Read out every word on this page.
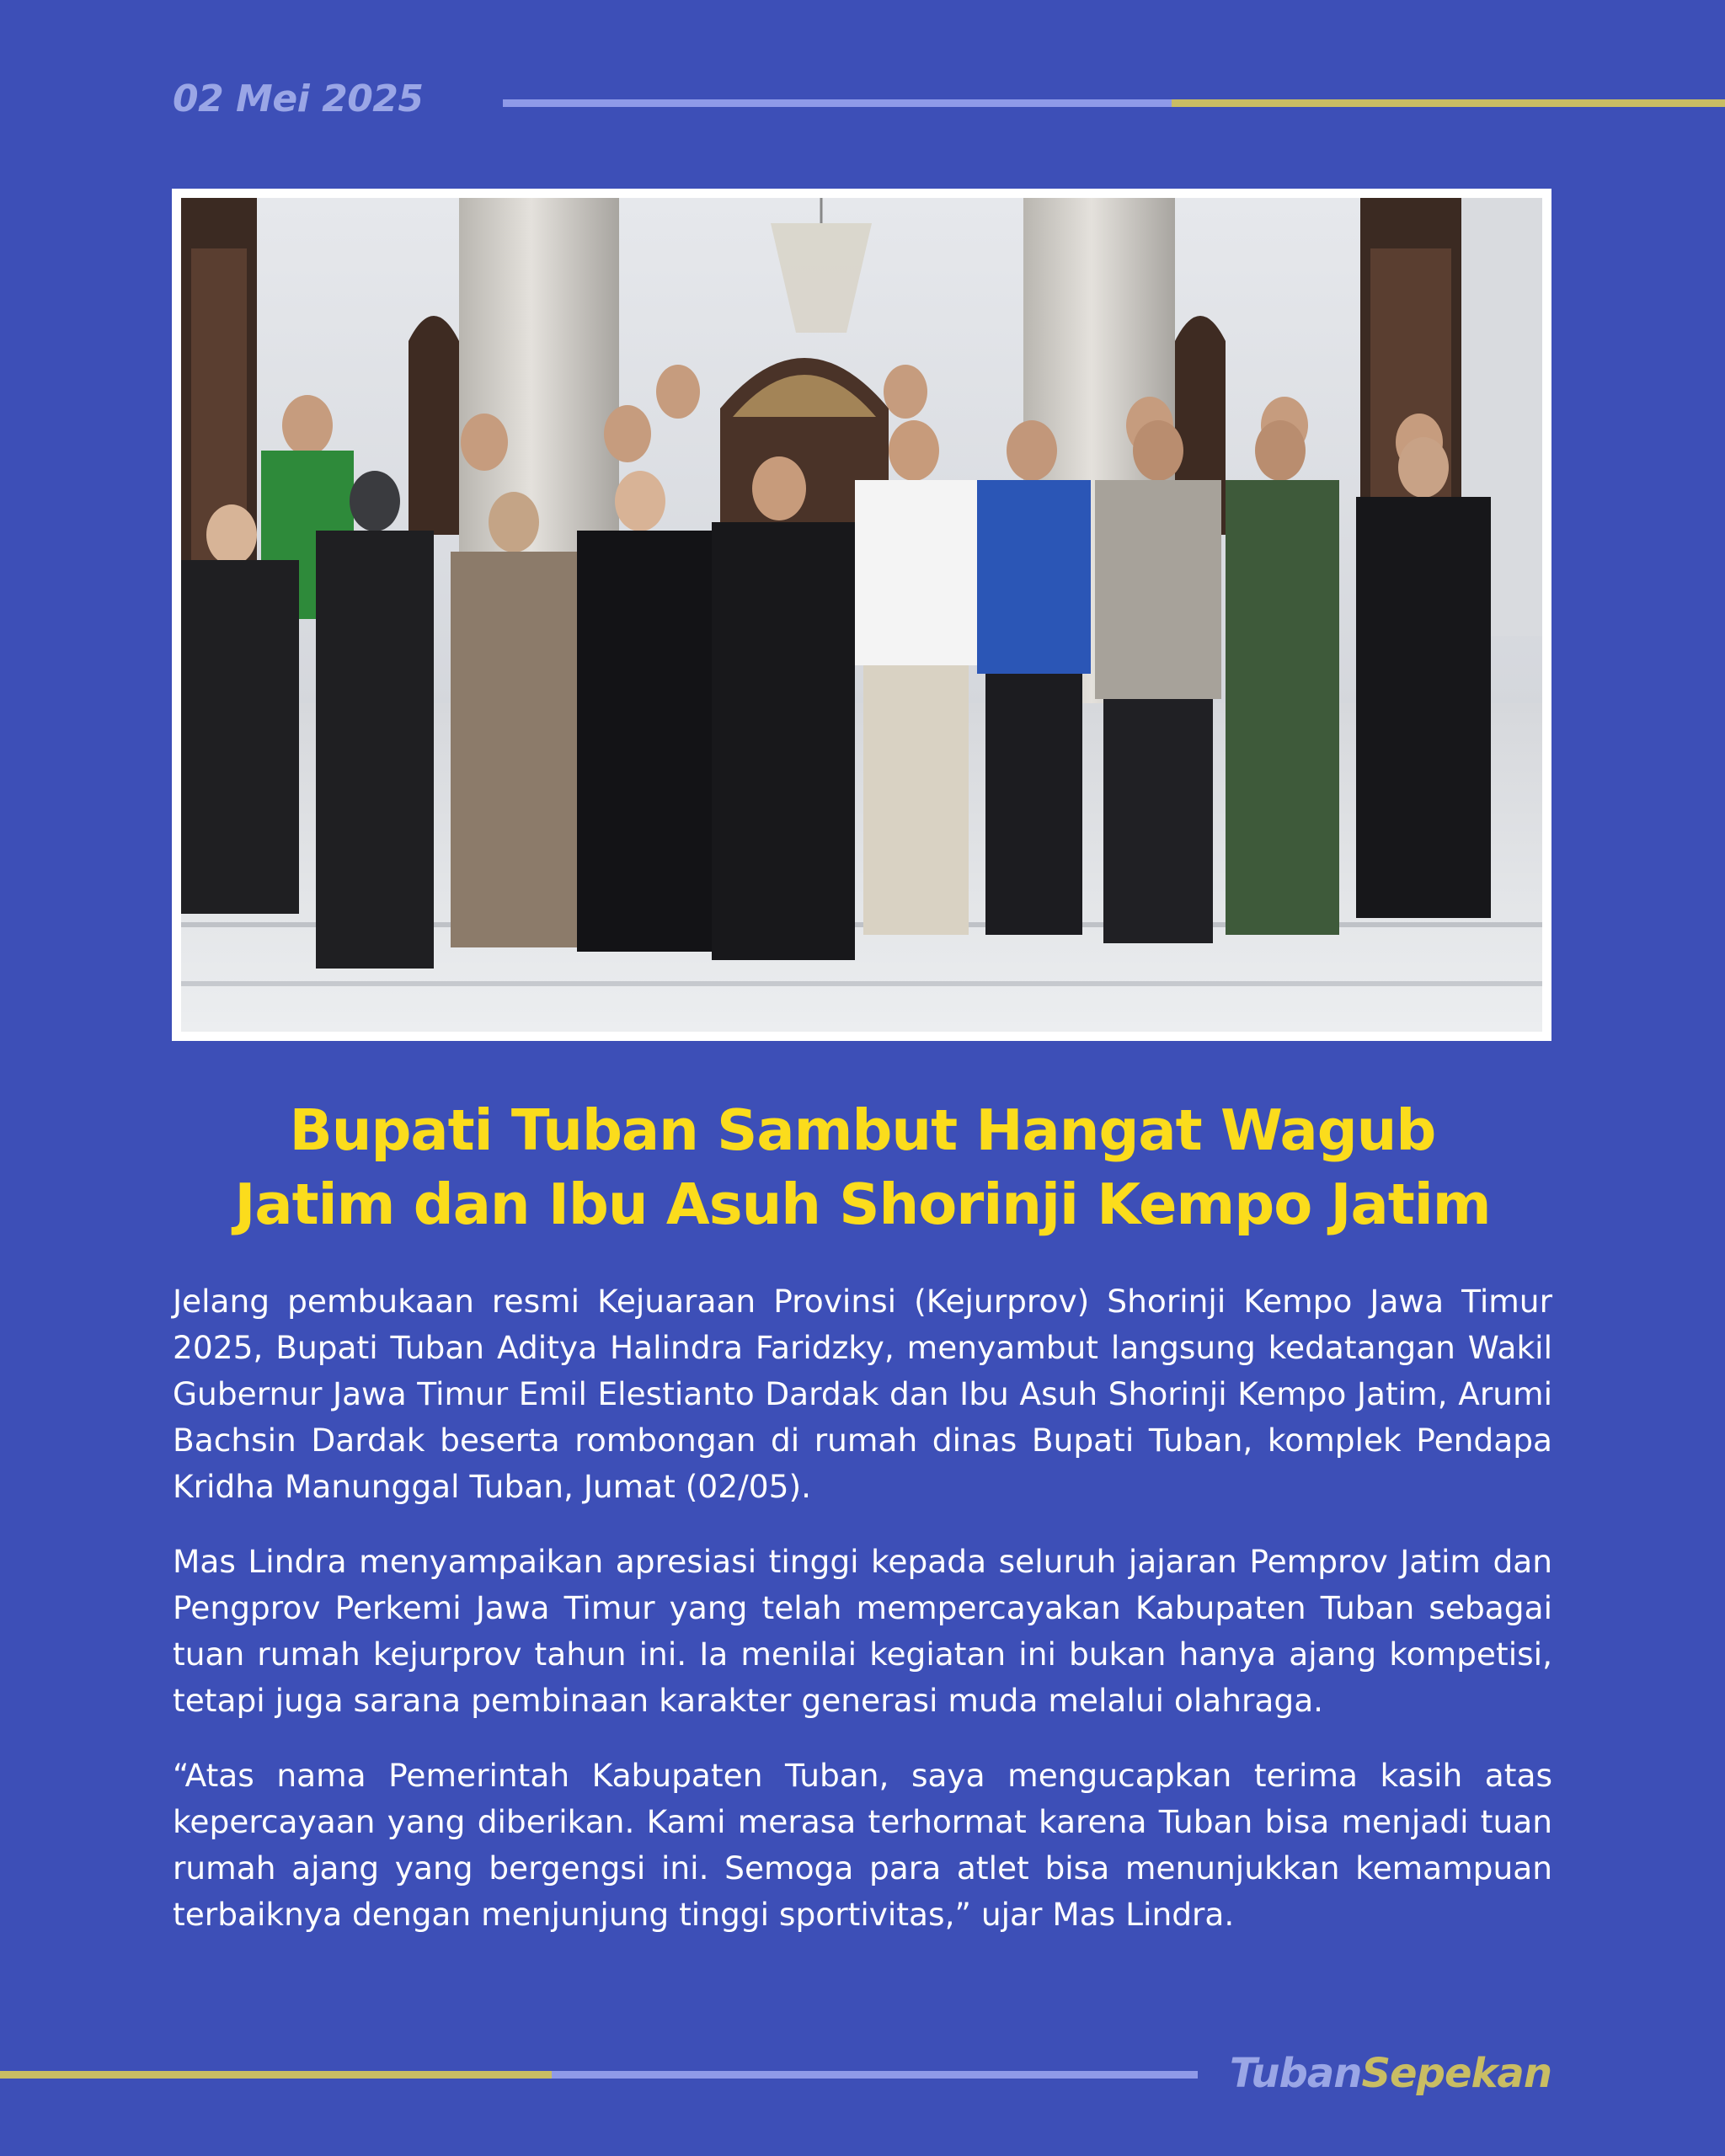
02 Mei 2025
Bupati Tuban Sambut Hangat Wagub
Jatim dan Ibu Asuh Shorinji Kempo Jatim

Jelang pembukaan resmi Kejuaraan Provinsi (Kejurprov) Shorinji Kempo Jawa Timur 2025, Bupati Tuban Aditya Halindra Faridzky, menyambut langsung kedatangan Wakil Gubernur Jawa Timur Emil Elestianto Dardak dan Ibu Asuh Shorinji Kempo Jatim, Arumi Bachsin Dardak beserta rombongan di rumah dinas Bupati Tuban, komplek Pendapa Kridha Manunggal Tuban, Jumat (02/05).

Mas Lindra menyampaikan apresiasi tinggi kepada seluruh jajaran Pemprov Jatim dan Pengprov Perkemi Jawa Timur yang telah mempercayakan Kabupaten Tuban sebagai tuan rumah kejurprov tahun ini. Ia menilai kegiatan ini bukan hanya ajang kompetisi, tetapi juga sarana pembinaan karakter generasi muda melalui olahraga.

“Atas nama Pemerintah Kabupaten Tuban, saya mengucapkan terima kasih atas kepercayaan yang diberikan. Kami merasa terhormat karena Tuban bisa menjadi tuan rumah ajang yang bergengsi ini. Semoga para atlet bisa menunjukkan kemampuan terbaiknya dengan menjunjung tinggi sportivitas,” ujar Mas Lindra.

TubanSepekan
